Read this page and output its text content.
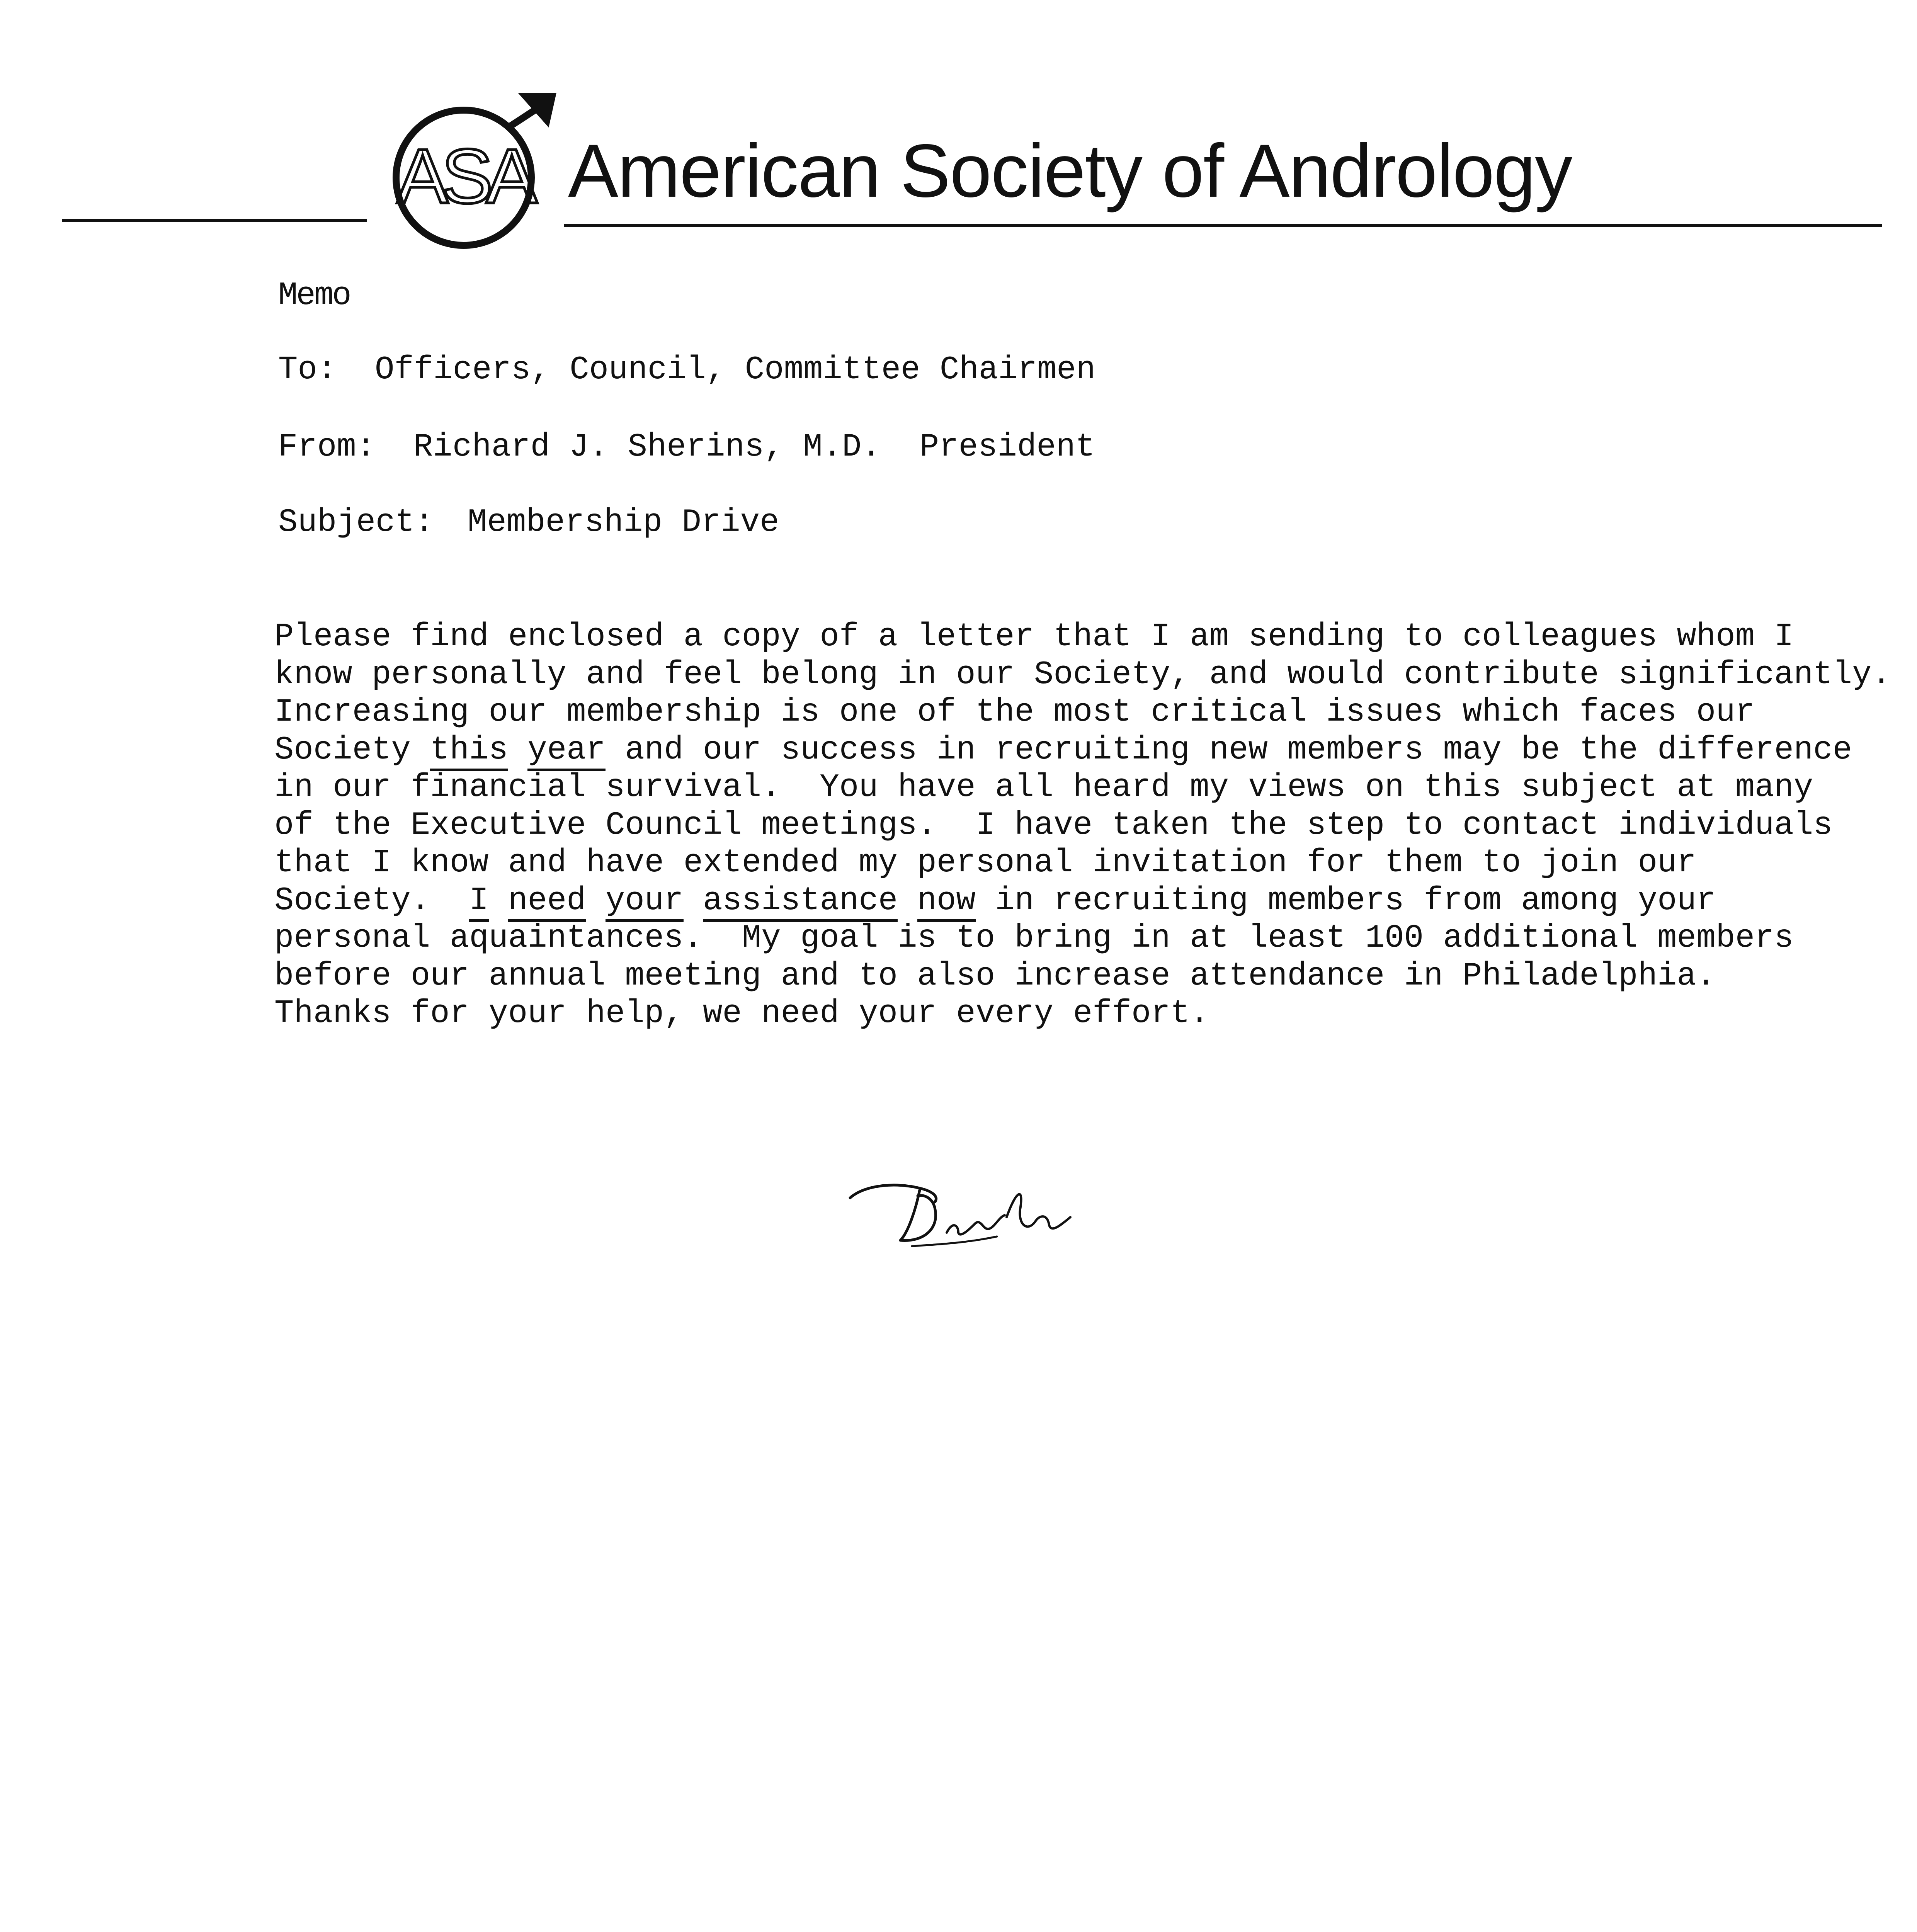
ASA American Society of Andrology
Memo
To: Officers, Council, Committee Chairmen
From: Richard J. Sherins, M.D. President
Subject: Membership Drive
Please find enclosed a copy of a letter that I am sending to colleagues whom I
know personally and feel belong in our Society, and would contribute significantly.
Increasing our membership is one of the most critical issues which faces our
Society this year and our success in recruiting new members may be the difference
in our financial survival.  You have all heard my views on this subject at many
of the Executive Council meetings.  I have taken the step to contact individuals
that I know and have extended my personal invitation for them to join our
Society.  I need your assistance now in recruiting members from among your
personal aquaintances.  My goal is to bring in at least 100 additional members
before our annual meeting and to also increase attendance in Philadelphia.
Thanks for your help, we need your every effort.
